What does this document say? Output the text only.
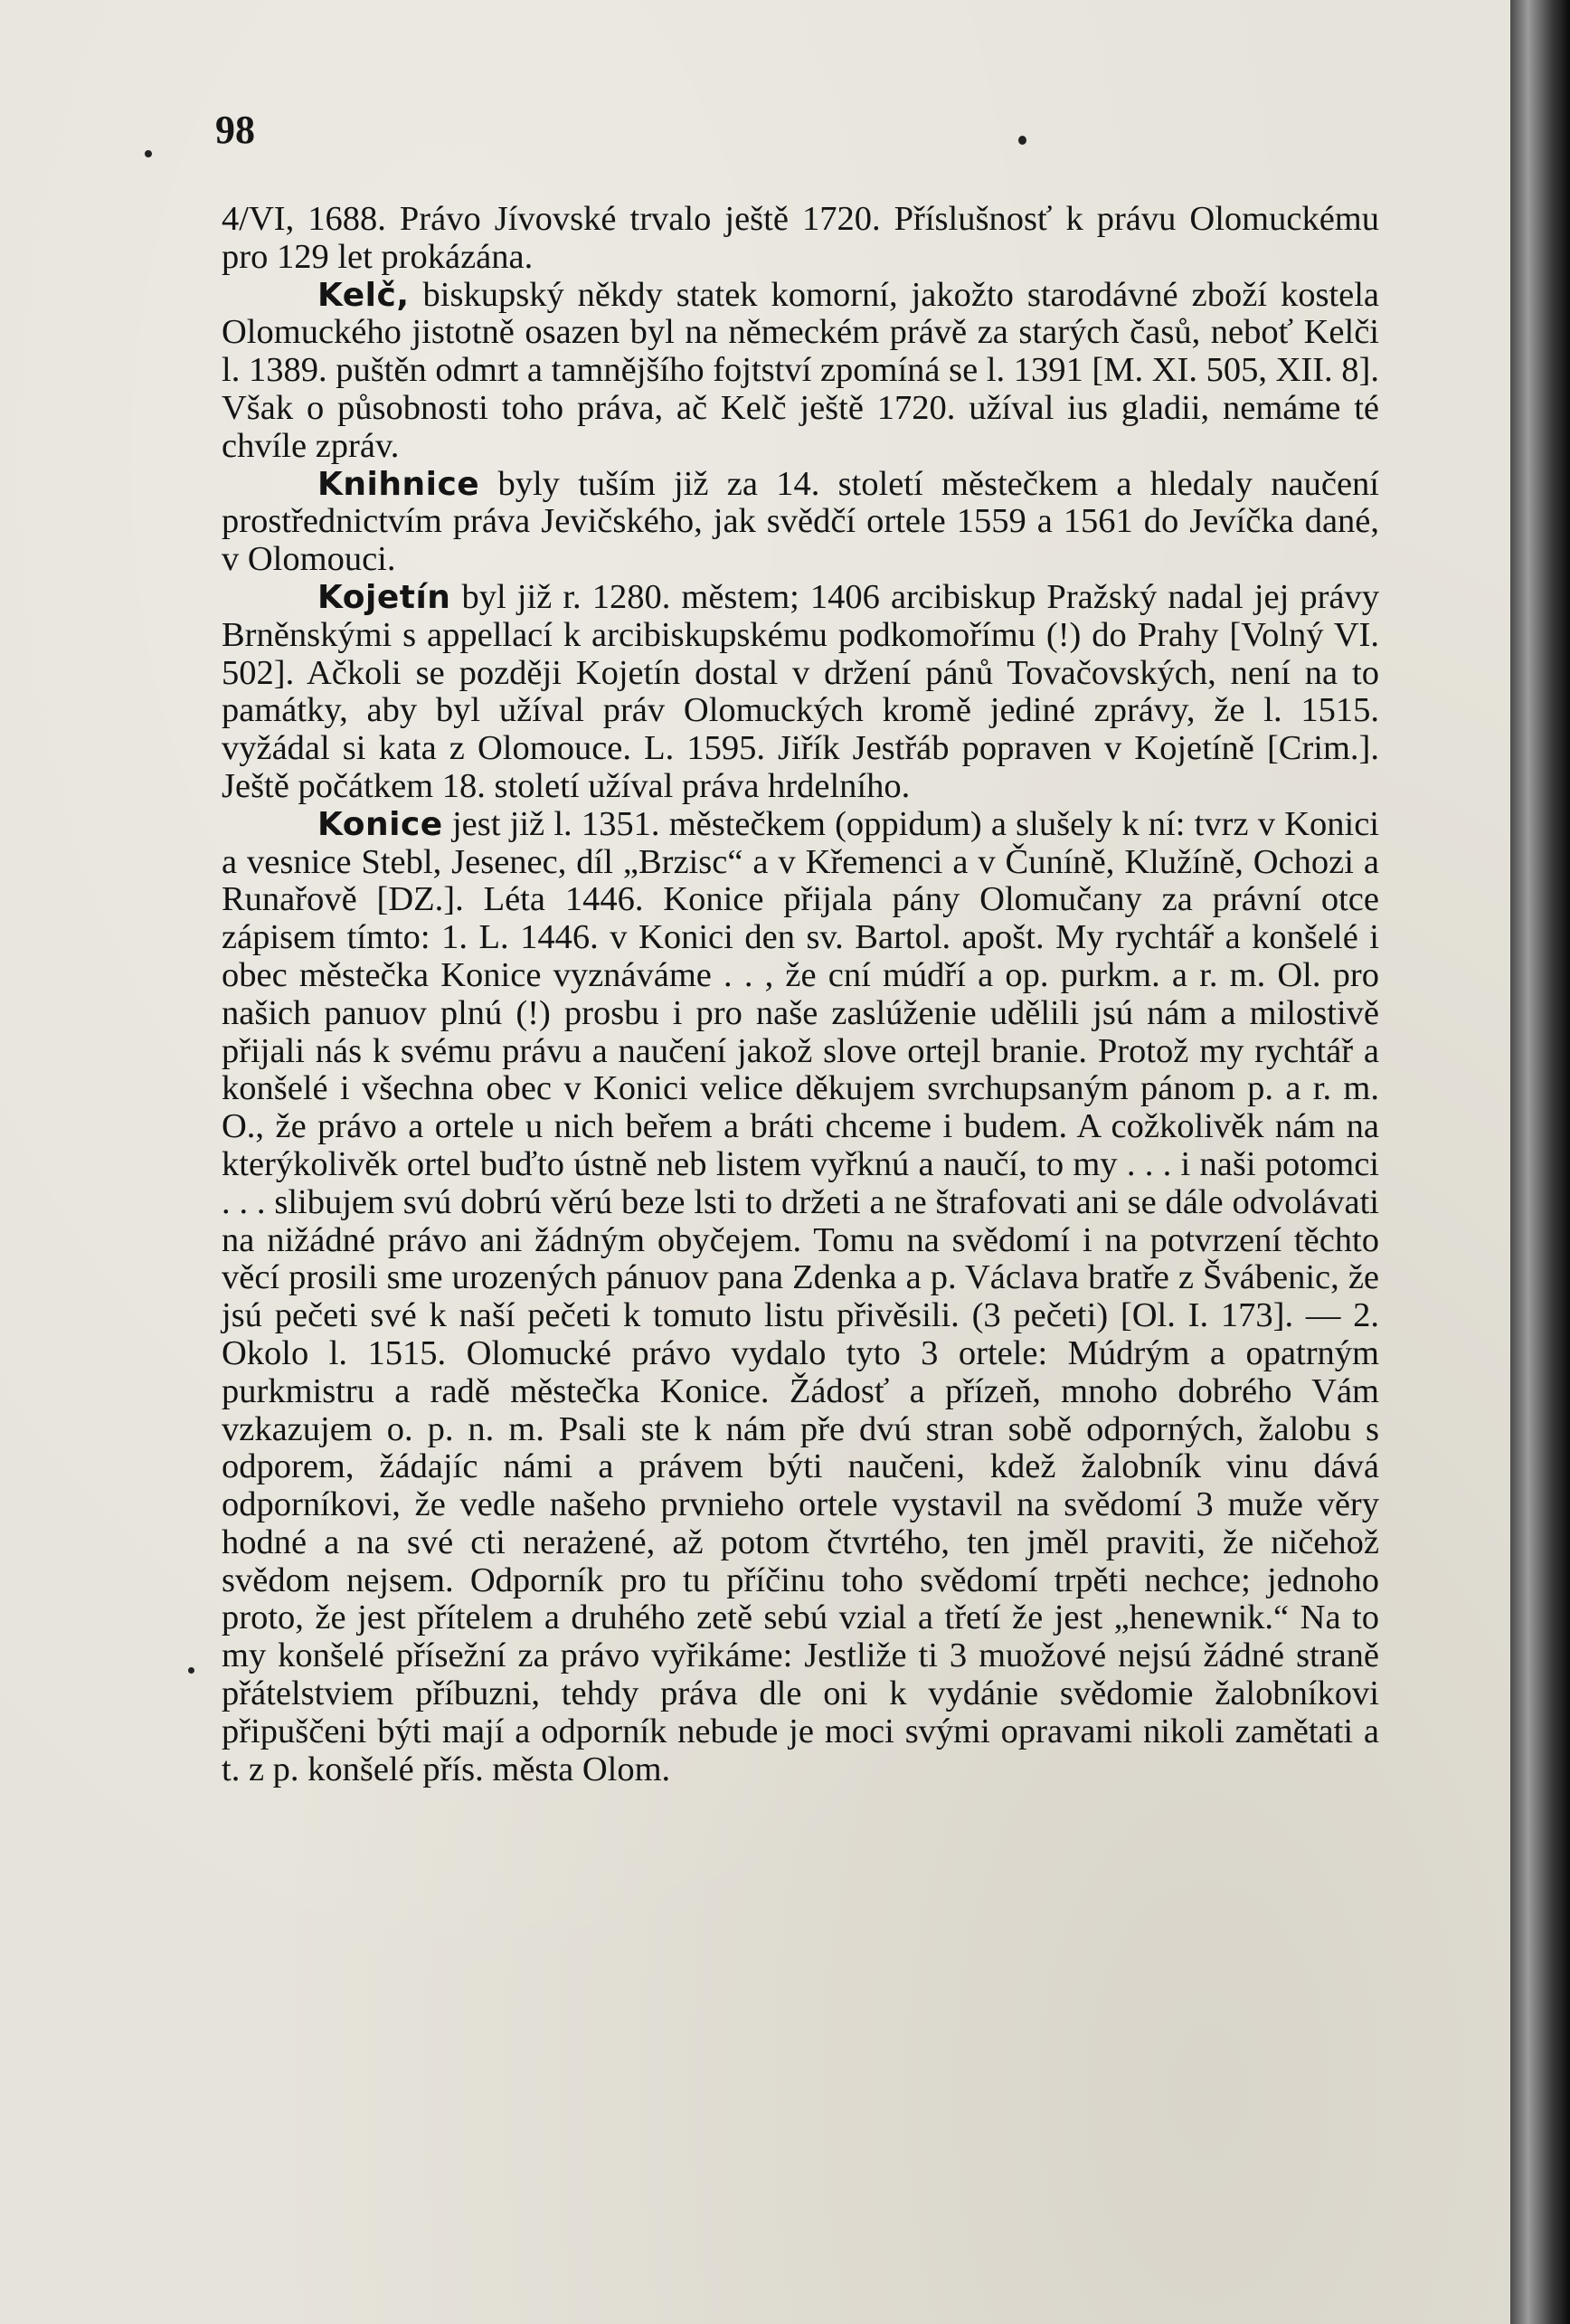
98

4/VI, 1688. Právo Jívovské trvalo ještě 1720. Příslušnosť k právu Olomuckému pro 129 let prokázána.

Kelč, biskupský někdy statek komorní, jakožto starodávné zboží kostela Olomuckého jistotně osazen byl na německém právě za starých časů, neboť Kelči l. 1389. puštěn odmrt a tamnějšího fojtství zpomíná se l. 1391 [M. XI. 505, XII. 8]. Však o působnosti toho práva, ač Kelč ještě 1720. užíval ius gladii, nemáme té chvíle zpráv.

Knihnice byly tuším již za 14. století městečkem a hledaly naučení prostřednictvím práva Jevičského, jak svědčí ortele 1559 a 1561 do Jevíčka dané, v Olomouci.

Kojetín byl již r. 1280. městem; 1406 arcibiskup Pražský nadal jej právy Brněnskými s appellací k arcibiskupskému podkomořímu (!) do Prahy [Volný VI. 502]. Ačkoli se později Kojetín dostal v držení pánů Tovačovských, není na to památky, aby byl užíval práv Olomuckých kromě jediné zprávy, že l. 1515. vyžádal si kata z Olomouce. L. 1595. Jiřík Jestřáb popraven v Kojetíně [Crim.]. Ještě počátkem 18. století užíval práva hrdelního.

Konice jest již l. 1351. městečkem (oppidum) a slušely k ní: tvrz v Konici a vesnice Stebl, Jesenec, díl „Brzisc“ a v Křemenci a v Čuníně, Klužíně, Ochozi a Runařově [DZ.]. Léta 1446. Konice přijala pány Olomučany za právní otce zápisem tímto: 1. L. 1446. v Konici den sv. Bartol. apošt. My rychtář a konšelé i obec městečka Konice vyznáváme . . , že cní múdří a op. purkm. a r. m. Ol. pro našich panuov plnú (!) prosbu i pro naše zaslúženie udělili jsú nám a milostivě přijali nás k svému právu a naučení jakož slove ortejl branie. Protož my rychtář a konšelé i všechna obec v Konici velice děkujem svrchupsaným pánom p. a r. m. O., že právo a ortele u nich beřem a bráti chceme i budem. A cožkolivěk nám na kterýkolivěk ortel buďto ústně neb listem vyřknú a naučí, to my . . . i naši potomci . . . slibujem svú dobrú věrú beze lsti to držeti a ne štrafovati ani se dále odvolávati na nižádné právo ani žádným obyčejem. Tomu na svědomí i na potvrzení těchto věcí prosili sme urozených pánuov pana Zdenka a p. Václava bratře z Švábenic, že jsú pečeti své k naší pečeti k tomuto listu přivěsili. (3 pečeti) [Ol. I. 173]. — 2. Okolo l. 1515. Olomucké právo vydalo tyto 3 ortele: Múdrým a opatrným purkmistru a radě městečka Konice. Žádosť a přízeň, mnoho dobrého Vám vzkazujem o. p. n. m. Psali ste k nám pře dvú stran sobě odporných, žalobu s odporem, žádajíc námi a právem býti naučeni, kdež žalobník vinu dává odporníkovi, že vedle našeho prvnieho ortele vystavil na svědomí 3 muže věry hodné a na své cti nerażené, až potom čtvrtého, ten jměl praviti, že ničehož svědom nejsem. Odporník pro tu příčinu toho svědomí trpěti nechce; jednoho proto, že jest přítelem a druhého zetě sebú vzial a třetí že jest „henewnik.“ Na to my konšelé přísežní za právo vyřikáme: Jestliže ti 3 muožové nejsú žádné straně přátelstviem příbuzni, tehdy práva dle oni k vydánie svědomie žalobníkovi připuščeni býti mají a odporník nebude je moci svými opravami nikoli zamětati a t. z p. konšelé přís. města Olom.
